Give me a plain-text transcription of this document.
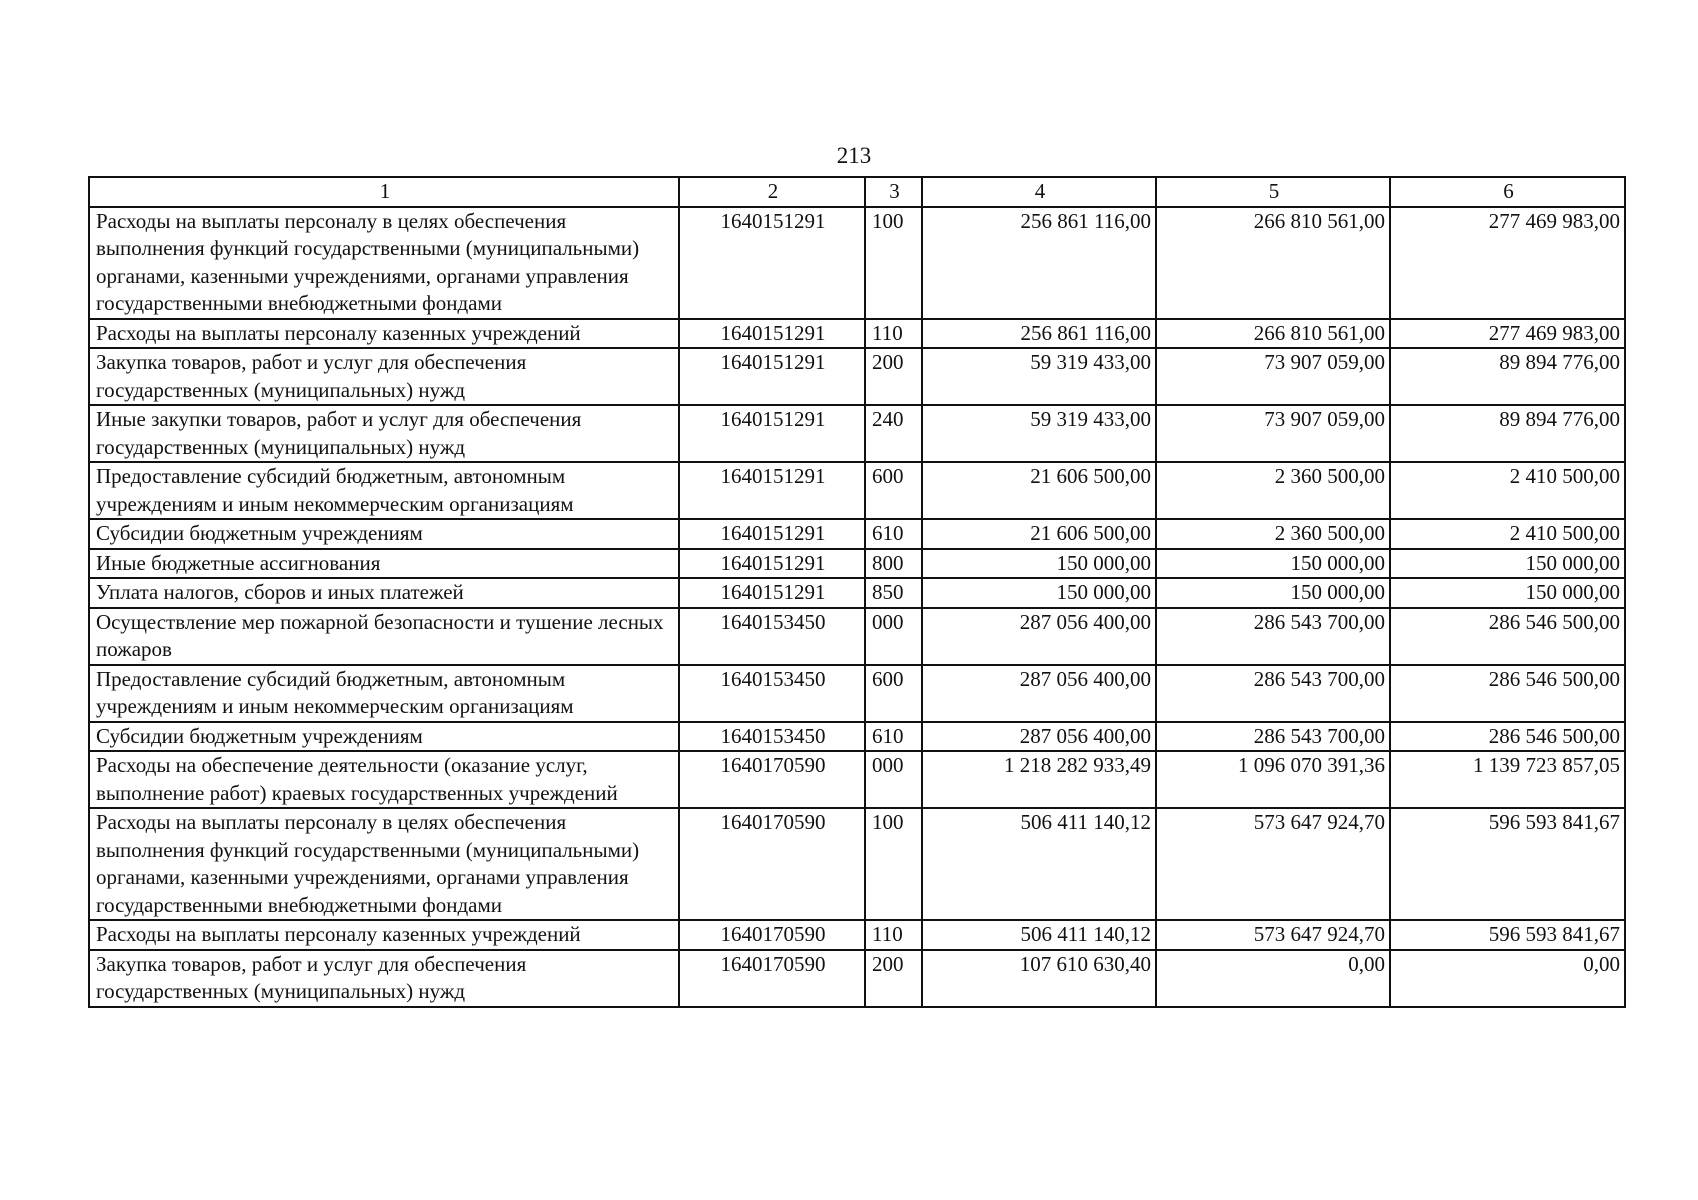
213
1	2	3	4	5	6
Расходы на выплаты персоналу в целях обеспечения выполнения функций государственными (муниципальными) органами, казенными учреждениями, органами управления государственными внебюджетными фондами	1640151291	100	256 861 116,00	266 810 561,00	277 469 983,00
Расходы на выплаты персоналу казенных учреждений	1640151291	110	256 861 116,00	266 810 561,00	277 469 983,00
Закупка товаров, работ и услуг для обеспечения государственных (муниципальных) нужд	1640151291	200	59 319 433,00	73 907 059,00	89 894 776,00
Иные закупки товаров, работ и услуг для обеспечения государственных (муниципальных) нужд	1640151291	240	59 319 433,00	73 907 059,00	89 894 776,00
Предоставление субсидий бюджетным, автономным учреждениям и иным некоммерческим организациям	1640151291	600	21 606 500,00	2 360 500,00	2 410 500,00
Субсидии бюджетным учреждениям	1640151291	610	21 606 500,00	2 360 500,00	2 410 500,00
Иные бюджетные ассигнования	1640151291	800	150 000,00	150 000,00	150 000,00
Уплата налогов, сборов и иных платежей	1640151291	850	150 000,00	150 000,00	150 000,00
Осуществление мер пожарной безопасности и тушение лесных пожаров	1640153450	000	287 056 400,00	286 543 700,00	286 546 500,00
Предоставление субсидий бюджетным, автономным учреждениям и иным некоммерческим организациям	1640153450	600	287 056 400,00	286 543 700,00	286 546 500,00
Субсидии бюджетным учреждениям	1640153450	610	287 056 400,00	286 543 700,00	286 546 500,00
Расходы на обеспечение деятельности (оказание услуг, выполнение работ) краевых государственных учреждений	1640170590	000	1 218 282 933,49	1 096 070 391,36	1 139 723 857,05
Расходы на выплаты персоналу в целях обеспечения выполнения функций государственными (муниципальными) органами, казенными учреждениями, органами управления государственными внебюджетными фондами	1640170590	100	506 411 140,12	573 647 924,70	596 593 841,67
Расходы на выплаты персоналу казенных учреждений	1640170590	110	506 411 140,12	573 647 924,70	596 593 841,67
Закупка товаров, работ и услуг для обеспечения государственных (муниципальных) нужд	1640170590	200	107 610 630,40	0,00	0,00
